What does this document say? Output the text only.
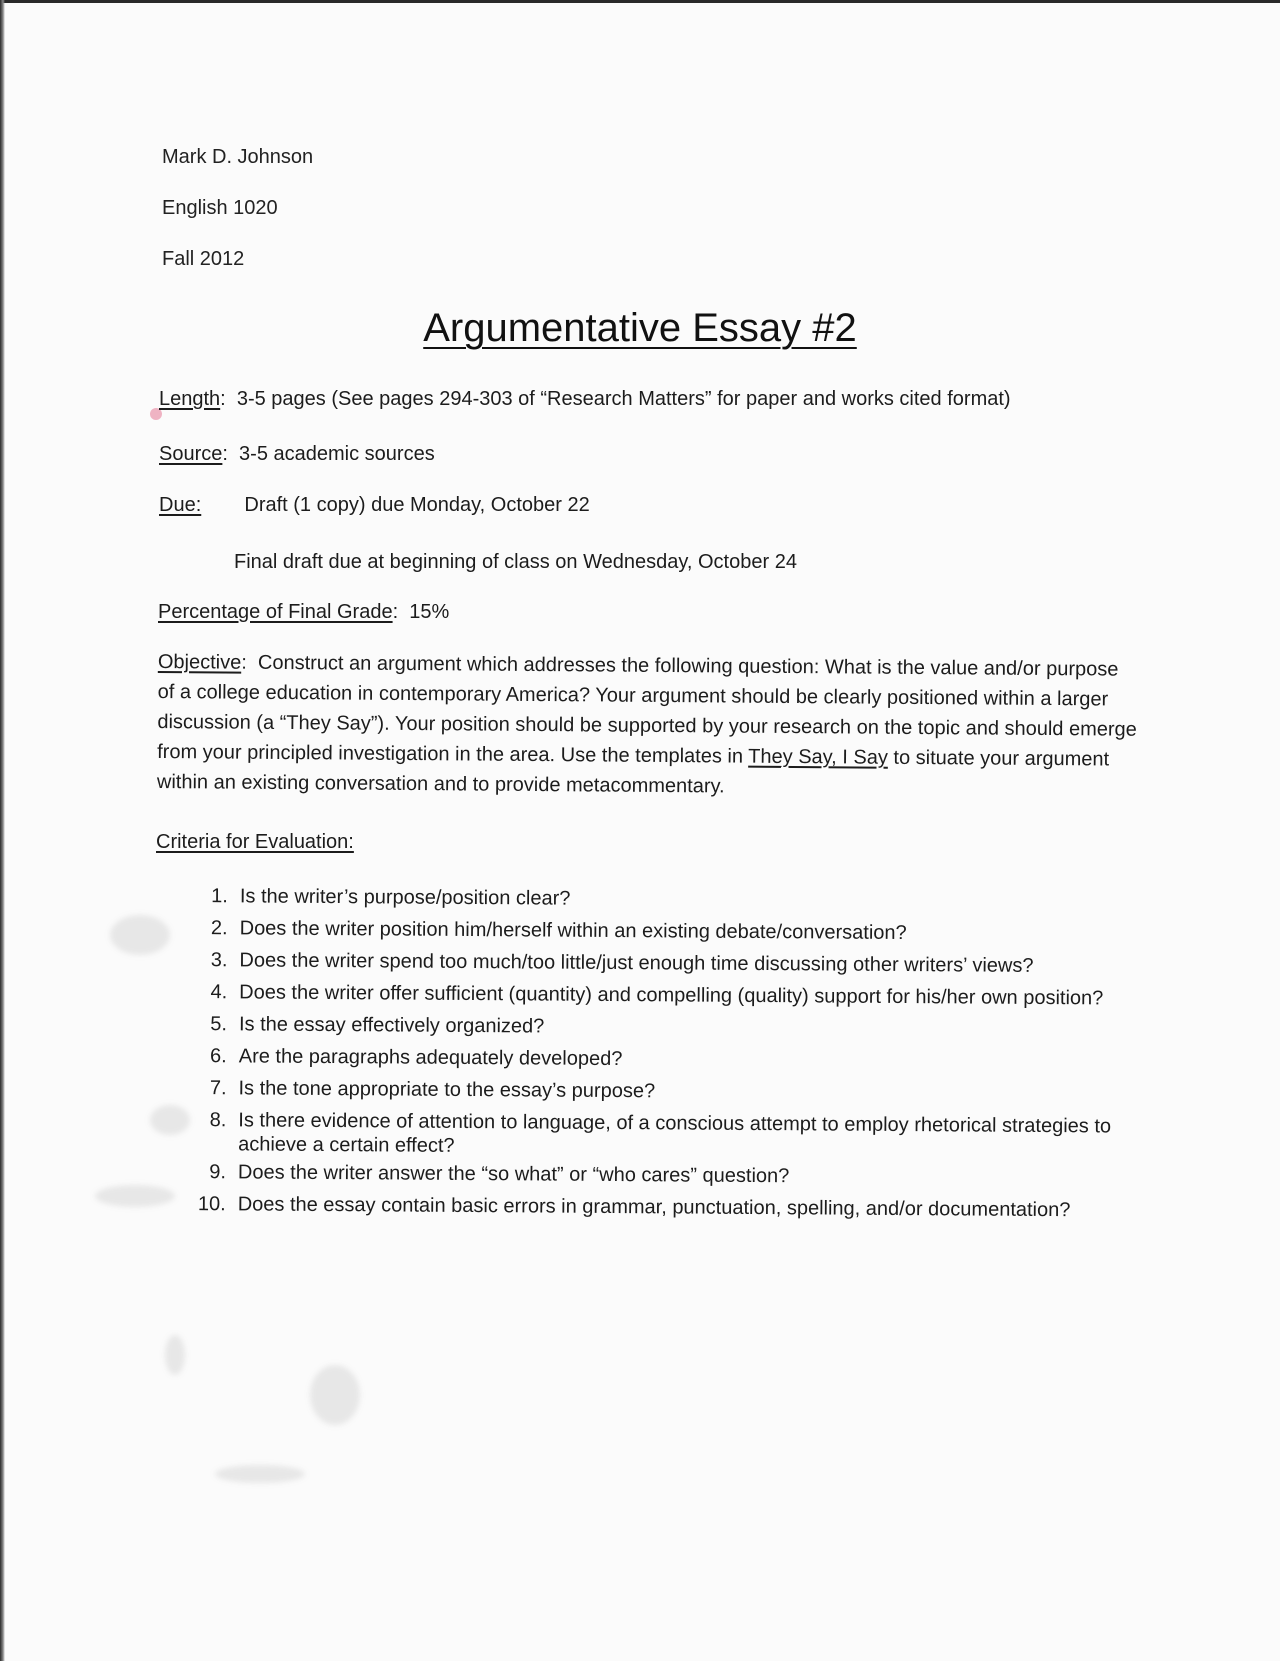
Mark D. Johnson
English 1020
Fall 2012
Argumentative Essay #2
Length:  3-5 pages (See pages 294-303 of “Research Matters” for paper and works cited format)
Source:  3-5 academic sources
Due: Draft (1 copy) due Monday, October 22
Final draft due at beginning of class on Wednesday, October 24
Percentage of Final Grade:  15%
Objective:  Construct an argument which addresses the following question: What is the value and/or purpose of a college education in contemporary America? Your argument should be clearly positioned within a larger discussion (a “They Say”). Your position should be supported by your research on the topic and should emerge from your principled investigation in the area. Use the templates in They Say, I Say to situate your argument within an existing conversation and to provide metacommentary.
Criteria for Evaluation:
1. Is the writer’s purpose/position clear?
2. Does the writer position him/herself within an existing debate/conversation?
3. Does the writer spend too much/too little/just enough time discussing other writers’ views?
4. Does the writer offer sufficient (quantity) and compelling (quality) support for his/her own position?
5. Is the essay effectively organized?
6. Are the paragraphs adequately developed?
7. Is the tone appropriate to the essay’s purpose?
8. Is there evidence of attention to language, of a conscious attempt to employ rhetorical strategies to achieve a certain effect?
9. Does the writer answer the “so what” or “who cares” question?
10. Does the essay contain basic errors in grammar, punctuation, spelling, and/or documentation?
